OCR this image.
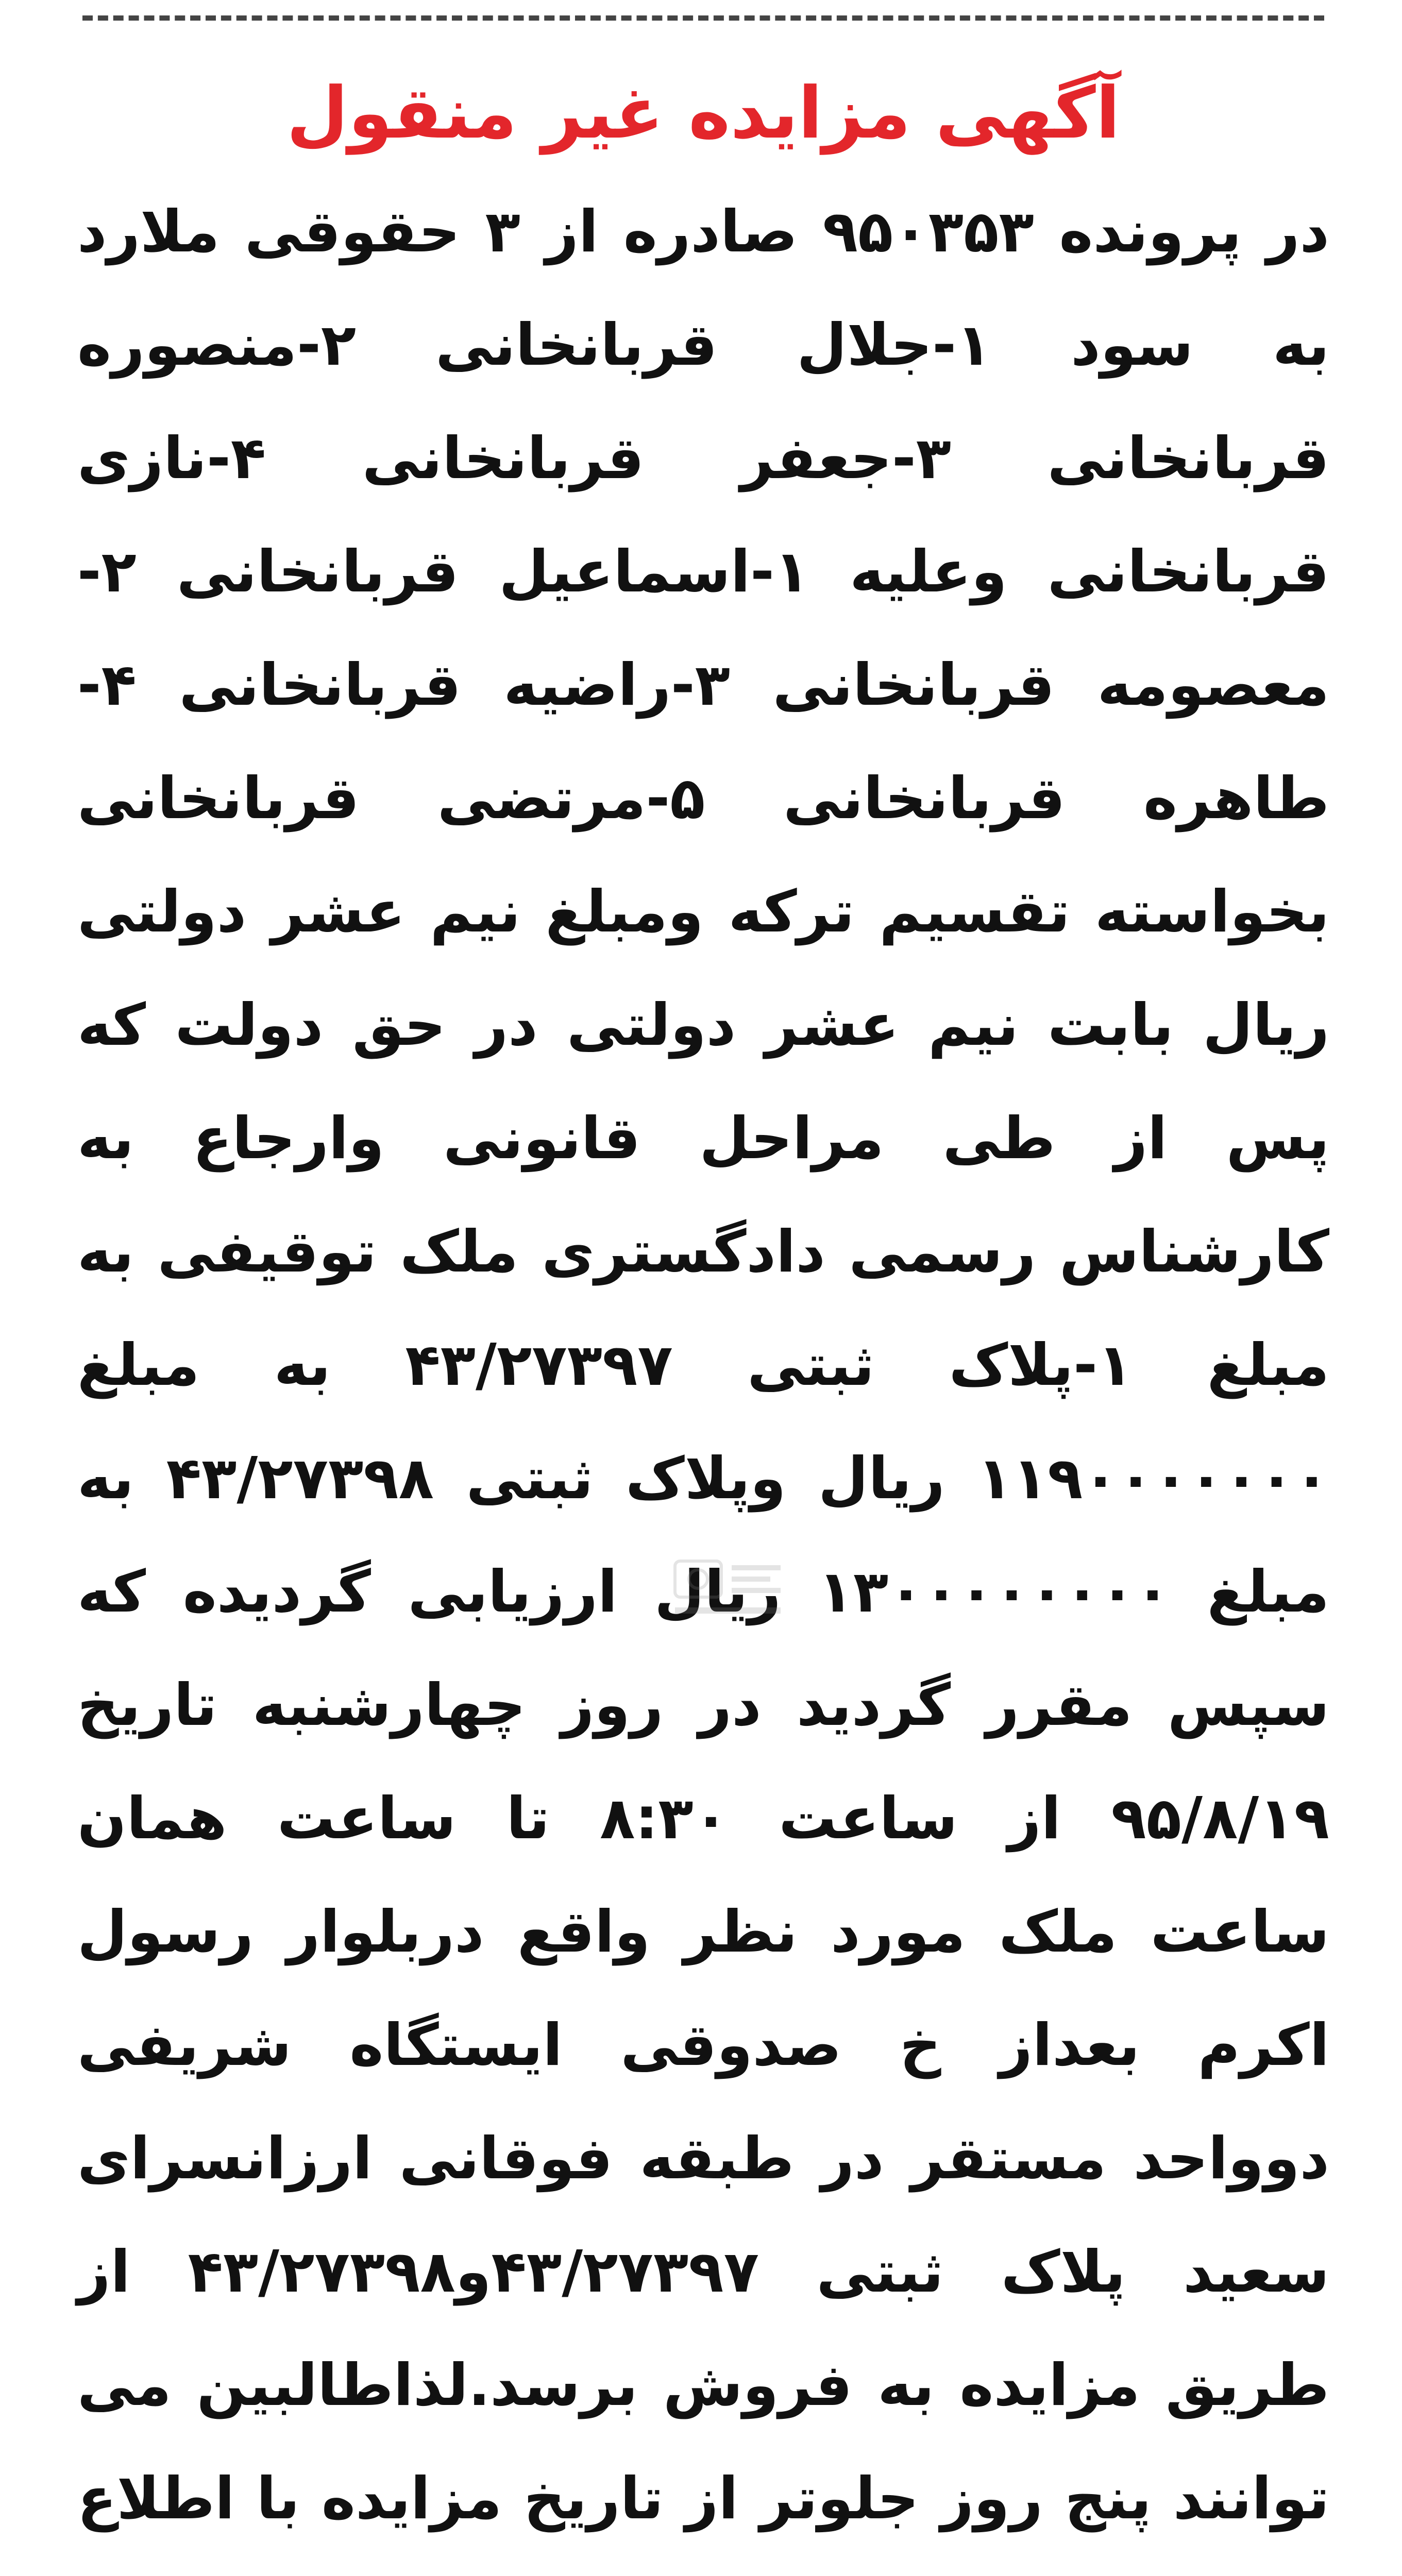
آگهی مزایده غیر منقول

در پرونده ۹۵۰۳۵۳ صادره از ۳ حقوقی ملارد به سود ۱-جلال قربانخانی ۲-منصوره قربانخانی ۳-جعفر قربانخانی ۴-نازی قربانخانی وعلیه ۱-اسماعیل قربانخانی ۲-معصومه قربانخانی ۳-راضیه قربانخانی ۴-طاهره قربانخانی ۵-مرتضی قربانخانی بخواسته تقسیم ترکه ومبلغ نیم عشر دولتی ریال بابت نیم عشر دولتی در حق دولت که پس از طی مراحل قانونی وارجاع به کارشناس رسمی دادگستری ملک توقیفی به مبلغ ۱-پلاک ثبتی ۴۳/۲۷۳۹۷ به مبلغ ۱۱۹۰۰۰۰۰۰۰ ریال وپلاک ثبتی ۴۳/۲۷۳۹۸ به مبلغ ۱۳۰۰۰۰۰۰۰۰ ریال ارزیابی گردیده که سپس مقرر گردید در روز چهارشنبه تاریخ ۹۵/۸/۱۹ از ساعت ۸:۳۰ تا ساعت همان ساعت ملک مورد نظر واقع دربلوار رسول اکرم بعداز خ صدوقی ایستگاه شریفی دوواحد مستقر در طبقه فوقانی ارزانسرای سعید پلاک ثبتی ۴۳/۲۷۳۹۷و۴۳/۲۷۳۹۸ از طریق مزایده به فروش برسد.لذاطالبین می توانند پنج روز جلوتر از تاریخ مزایده با اطلاع
